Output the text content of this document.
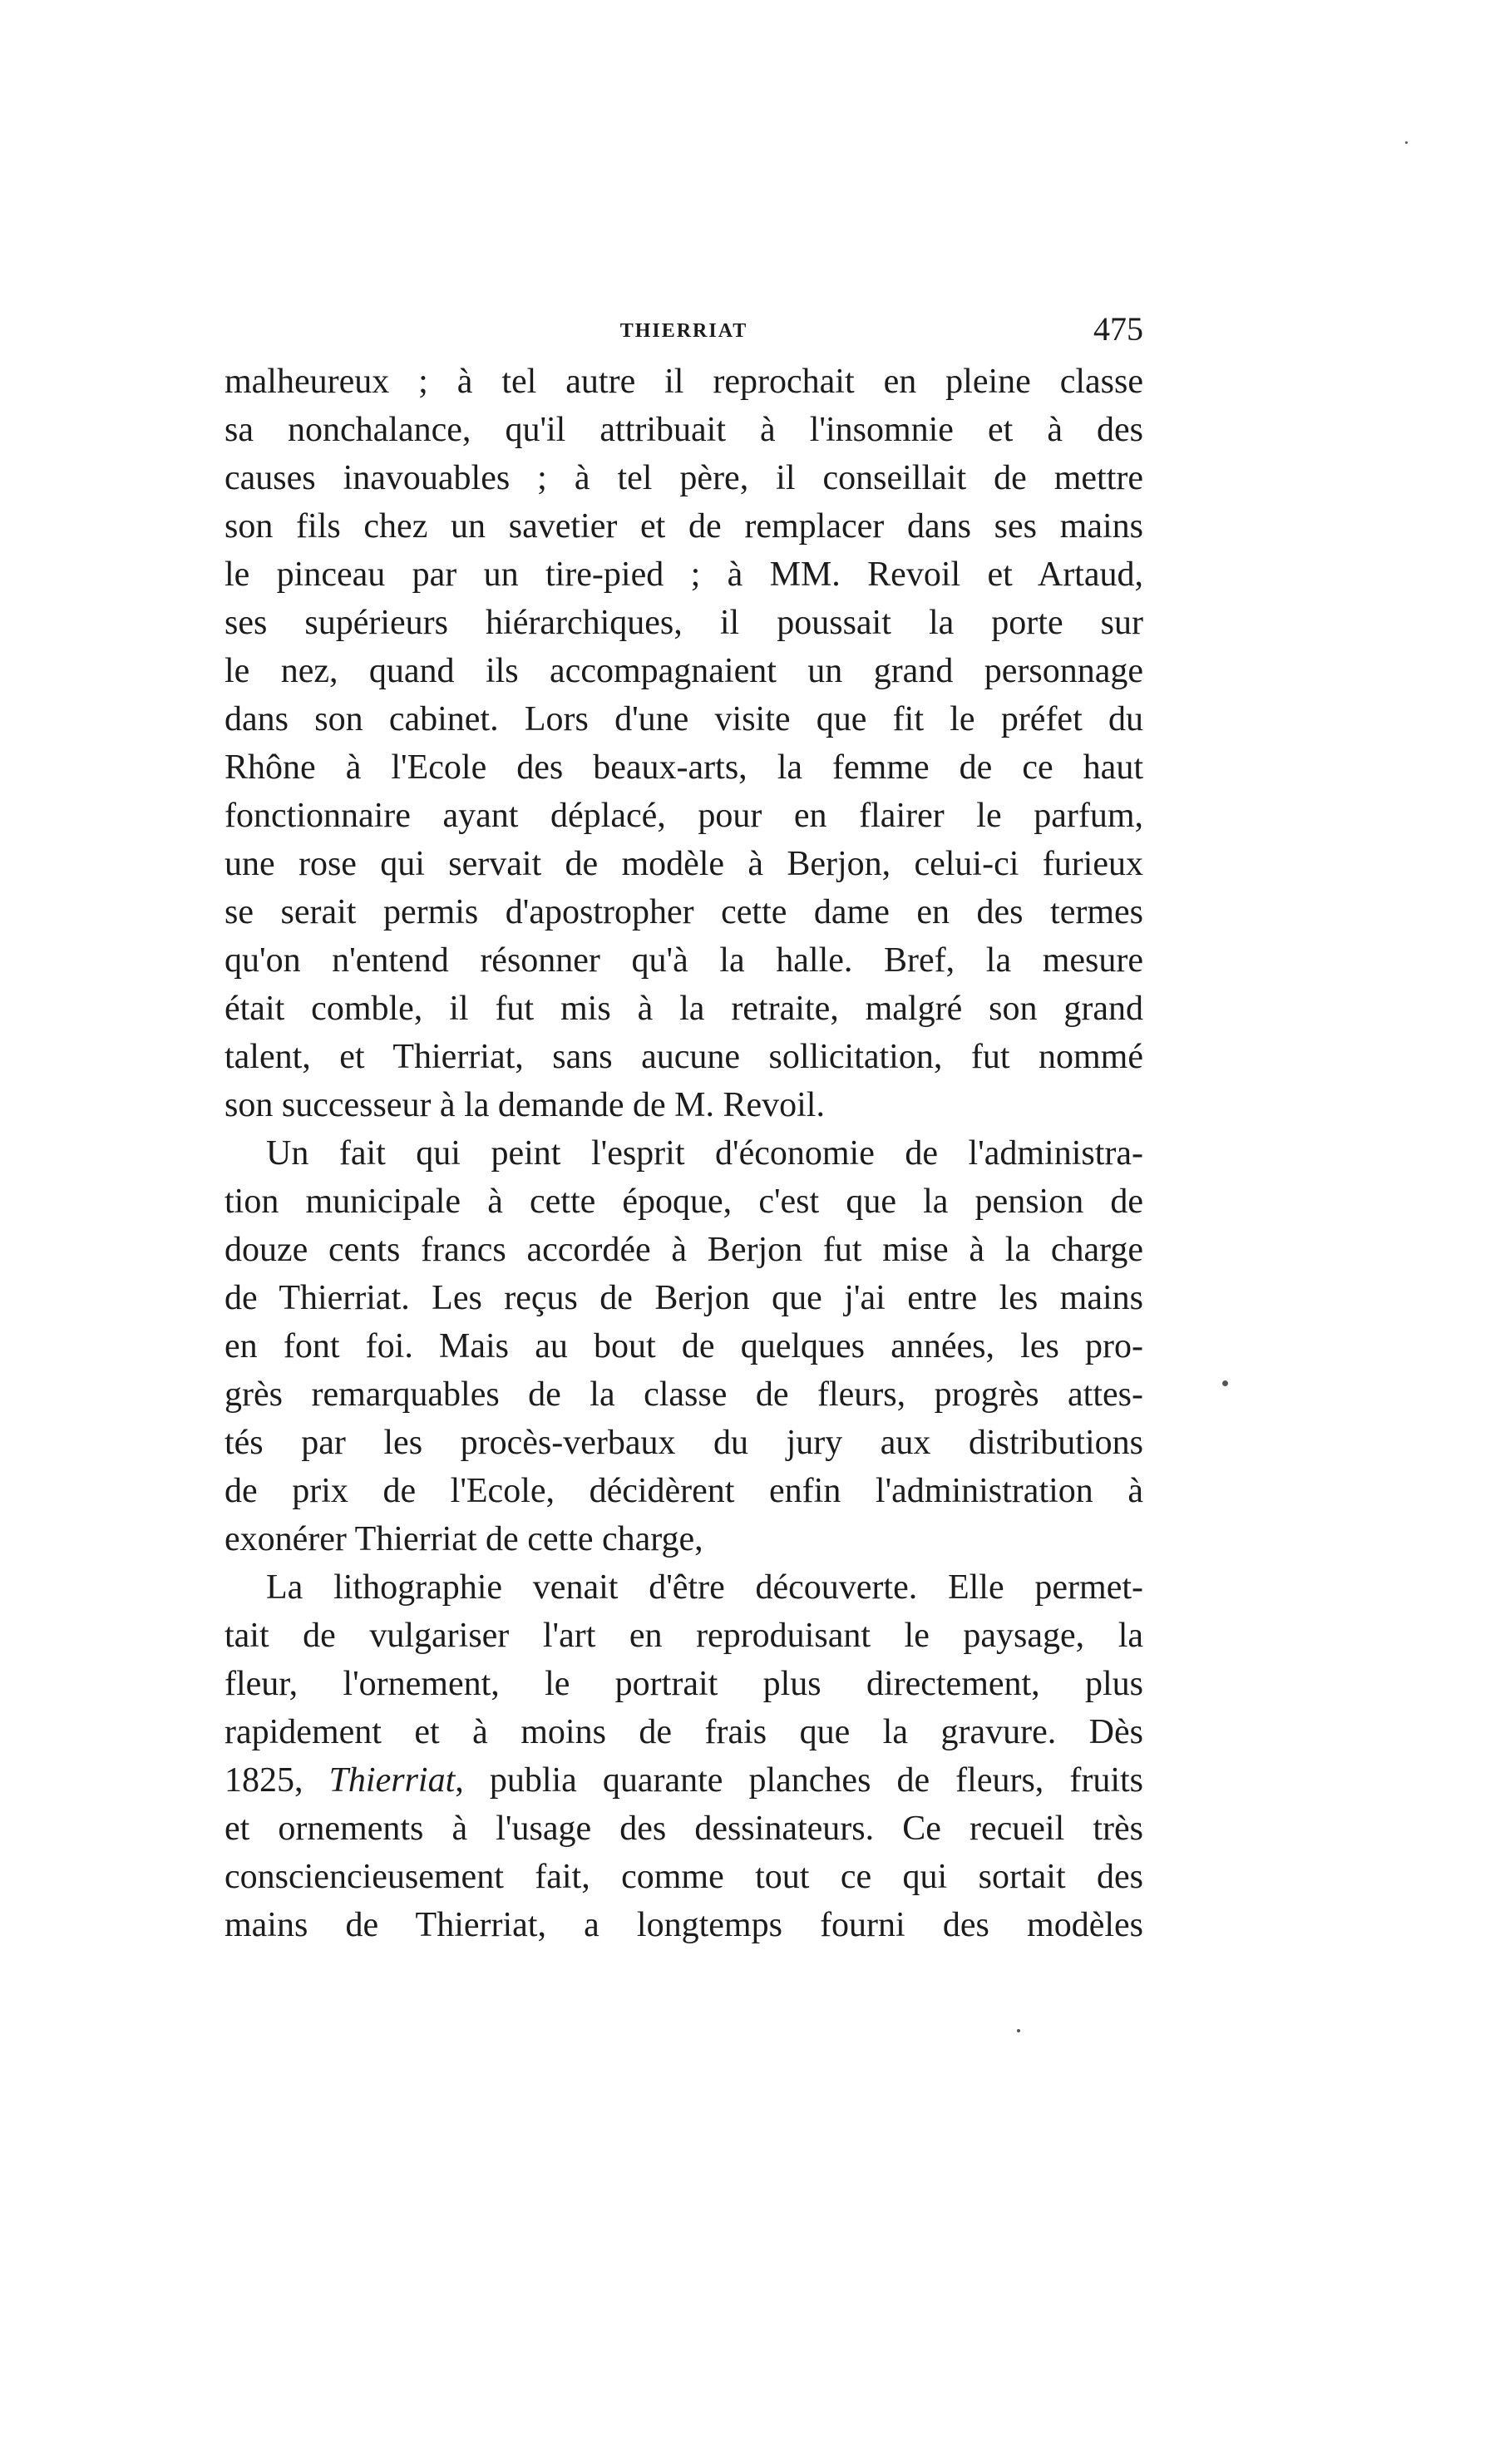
THIERRIAT	475
malheureux ; à tel autre il reprochait en pleine classe
sa nonchalance, qu'il attribuait à l'insomnie et à des
causes inavouables ; à tel père, il conseillait de mettre
son fils chez un savetier et de remplacer dans ses mains
le pinceau par un tire-pied ; à MM. Revoil et Artaud,
ses supérieurs hiérarchiques, il poussait la porte sur
le nez, quand ils accompagnaient un grand personnage
dans son cabinet. Lors d'une visite que fit le préfet du
Rhône à l'Ecole des beaux-arts, la femme de ce haut
fonctionnaire ayant déplacé, pour en flairer le parfum,
une rose qui servait de modèle à Berjon, celui-ci furieux
se serait permis d'apostropher cette dame en des termes
qu'on n'entend résonner qu'à la halle. Bref, la mesure
était comble, il fut mis à la retraite, malgré son grand
talent, et Thierriat, sans aucune sollicitation, fut nommé
son successeur à la demande de M. Revoil.
Un fait qui peint l'esprit d'économie de l'administra-
tion municipale à cette époque, c'est que la pension de
douze cents francs accordée à Berjon fut mise à la charge
de Thierriat. Les reçus de Berjon que j'ai entre les mains
en font foi. Mais au bout de quelques années, les pro-
grès remarquables de la classe de fleurs, progrès attes-
tés par les procès-verbaux du jury aux distributions
de prix de l'Ecole, décidèrent enfin l'administration à
exonérer Thierriat de cette charge,
La lithographie venait d'être découverte. Elle permet-
tait de vulgariser l'art en reproduisant le paysage, la
fleur, l'ornement, le portrait plus directement, plus
rapidement et à moins de frais que la gravure. Dès
1825, Thierriat, publia quarante planches de fleurs, fruits
et ornements à l'usage des dessinateurs. Ce recueil très
consciencieusement fait, comme tout ce qui sortait des
mains de Thierriat, a longtemps fourni des modèles
